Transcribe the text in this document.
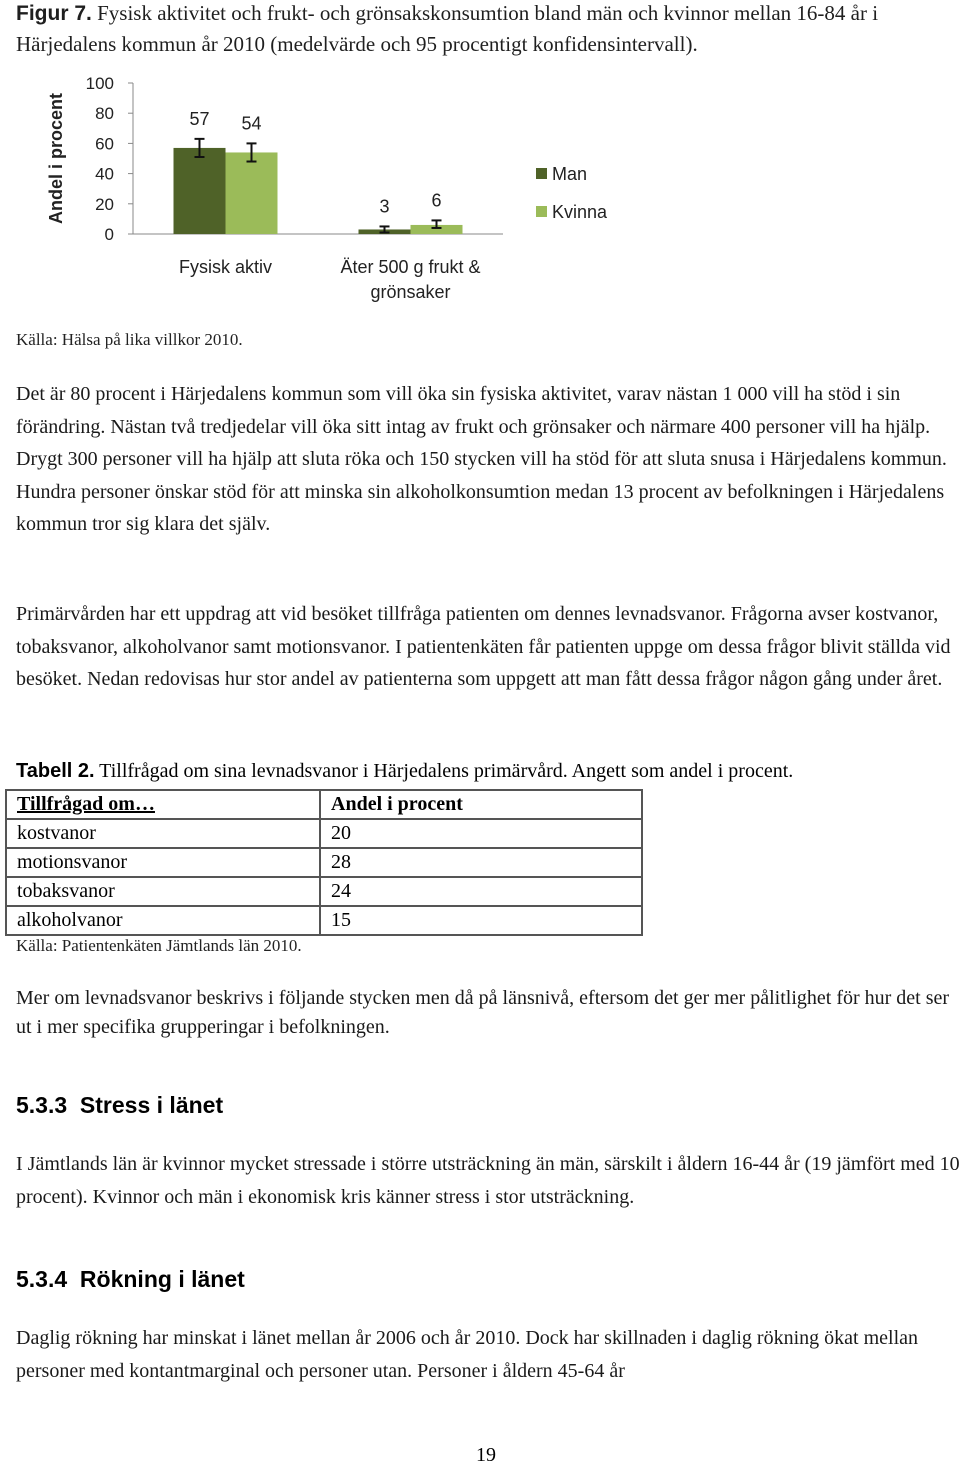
Figur 7. Fysisk aktivitet och frukt- och grönsakskonsumtion bland män och kvinnor mellan 16-84 år i Härjedalens kommun år 2010 (medelvärde och 95 procentigt konfidensintervall).
Andel i procent
100
80
60
40
20
0
57 54
Fysisk aktiv
3 6
Äter 500 g frukt & grönsaker
Man
Kvinna
Källa: Hälsa på lika villkor 2010.
Det är 80 procent i Härjedalens kommun som vill öka sin fysiska aktivitet, varav nästan 1 000 vill ha stöd i sin förändring. Nästan två tredjedelar vill öka sitt intag av frukt och grönsaker och närmare 400 personer vill ha hjälp. Drygt 300 personer vill ha hjälp att sluta röka och 150 stycken vill ha stöd för att sluta snusa i Härjedalens kommun. Hundra personer önskar stöd för att minska sin alkoholkonsumtion medan 13 procent av befolkningen i Härjedalens kommun tror sig klara det själv.
Primärvården har ett uppdrag att vid besöket tillfråga patienten om dennes levnadsvanor. Frågorna avser kostvanor, tobaksvanor, alkoholvanor samt motionsvanor. I patientenkäten får patienten uppge om dessa frågor blivit ställda vid besöket. Nedan redovisas hur stor andel av patienterna som uppgett att man fått dessa frågor någon gång under året.
Tabell 2. Tillfrågad om sina levnadsvanor i Härjedalens primärvård. Angett som andel i procent.
Tillfrågad om…	Andel i procent
kostvanor	20
motionsvanor	28
tobaksvanor	24
alkoholvanor	15
Källa: Patientenkäten Jämtlands län 2010.
Mer om levnadsvanor beskrivs i följande stycken men då på länsnivå, eftersom det ger mer pålitlighet för hur det ser ut i mer specifika grupperingar i befolkningen.
5.3.3  Stress i länet
I Jämtlands län är kvinnor mycket stressade i större utsträckning än män, särskilt i åldern 16-44 år (19 jämfört med 10 procent). Kvinnor och män i ekonomisk kris känner stress i stor utsträckning.
5.3.4  Rökning i länet
Daglig rökning har minskat i länet mellan år 2006 och år 2010. Dock har skillnaden i daglig rökning ökat mellan personer med kontantmarginal och personer utan. Personer i åldern 45-64 år
19
